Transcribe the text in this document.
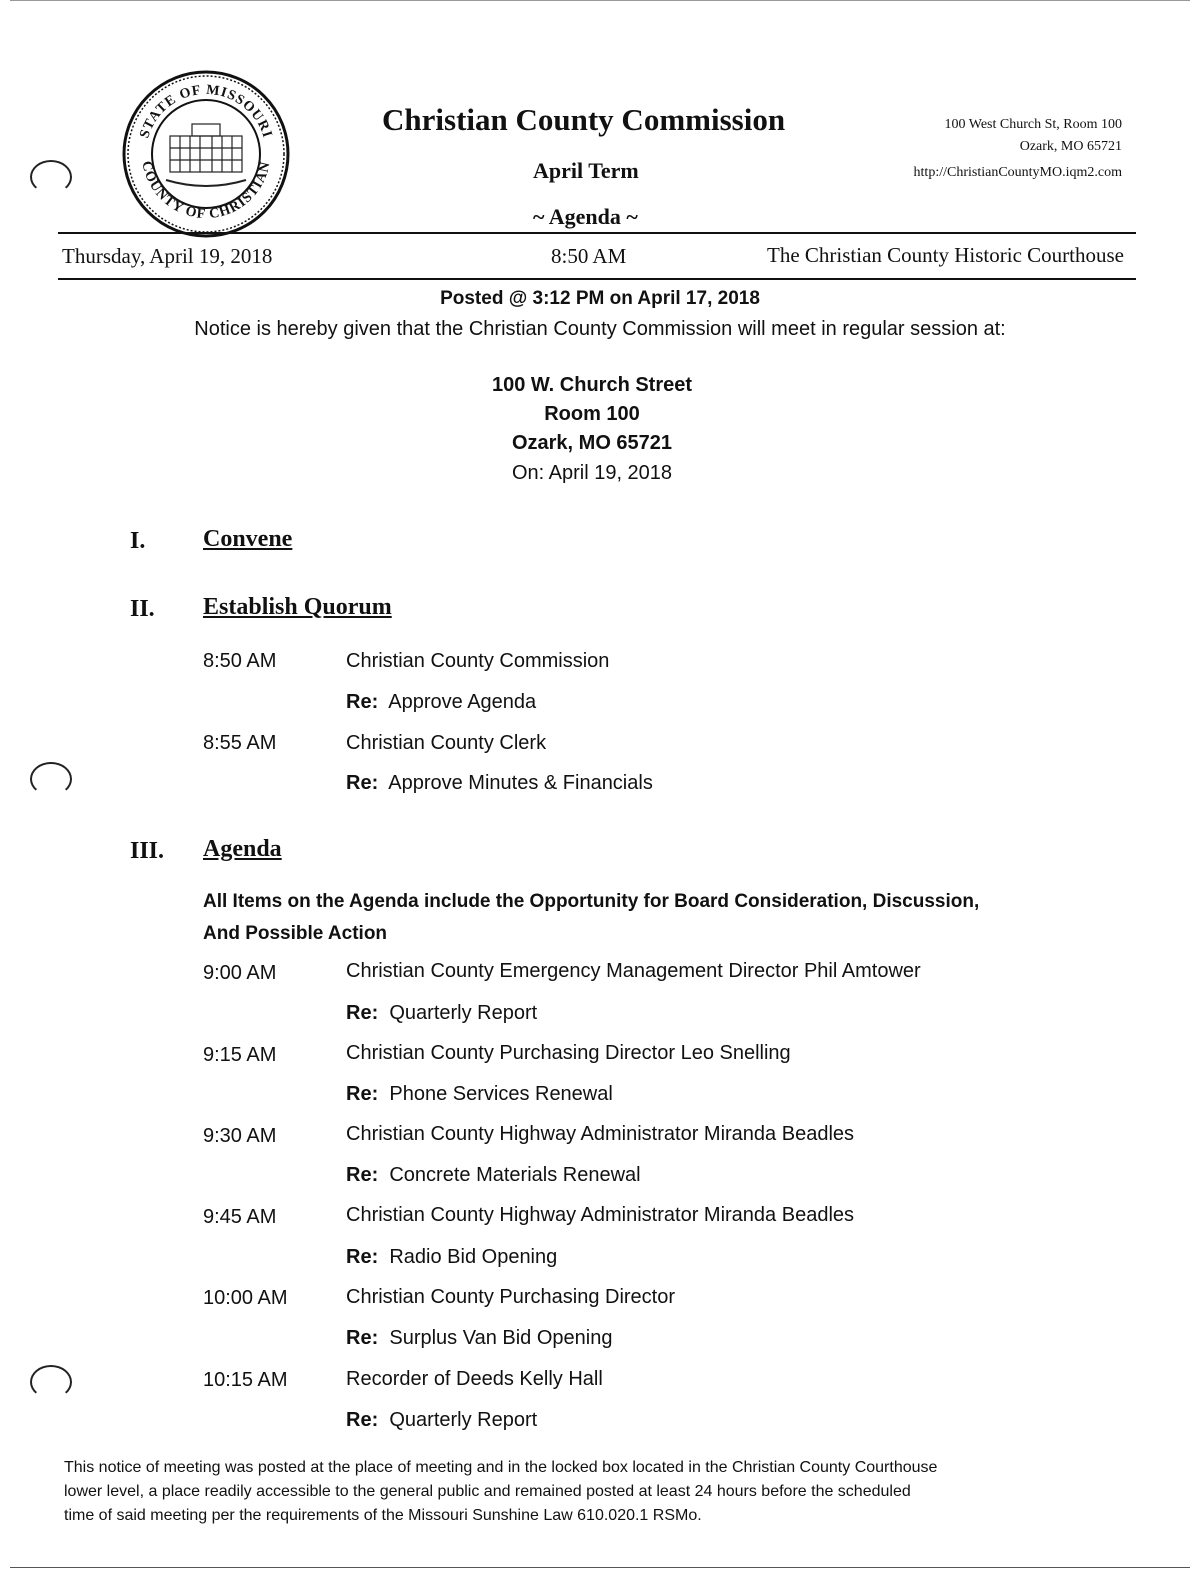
STATE OF MISSOURI
COUNTY OF CHRISTIAN
Christian County Commission
April Term
~ Agenda ~
100 West Church St, Room 100
Ozark, MO 65721
http://ChristianCountyMO.iqm2.com
Thursday, April 19, 2018	8:50 AM	The Christian County Historic Courthouse
Posted @ 3:12 PM on April 17, 2018
Notice is hereby given that the Christian County Commission will meet in regular session at:
100 W. Church Street
Room 100
Ozark, MO 65721
On: April 19, 2018
I. Convene
II. Establish Quorum
8:50 AM	Christian County Commission
Re: Approve Agenda
8:55 AM	Christian County Clerk
Re: Approve Minutes & Financials
III. Agenda
All Items on the Agenda include the Opportunity for Board Consideration, Discussion,
And Possible Action
9:00 AM	Christian County Emergency Management Director Phil Amtower
Re: Quarterly Report
9:15 AM	Christian County Purchasing Director Leo Snelling
Re: Phone Services Renewal
9:30 AM	Christian County Highway Administrator Miranda Beadles
Re: Concrete Materials Renewal
9:45 AM	Christian County Highway Administrator Miranda Beadles
Re: Radio Bid Opening
10:00 AM	Christian County Purchasing Director
Re: Surplus Van Bid Opening
10:15 AM	Recorder of Deeds Kelly Hall
Re: Quarterly Report
This notice of meeting was posted at the place of meeting and in the locked box located in the Christian County Courthouse
lower level, a place readily accessible to the general public and remained posted at least 24 hours before the scheduled
time of said meeting per the requirements of the Missouri Sunshine Law 610.020.1 RSMo.
